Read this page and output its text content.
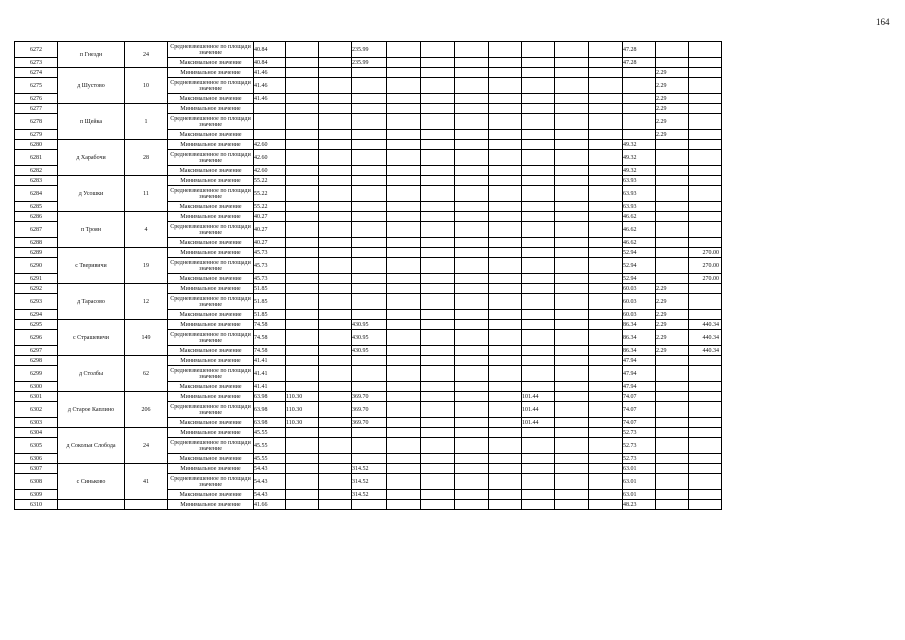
164
6272	п Гнездн	24	Средневзвешенное по площади значение	40.84			235.99								47.28		
6273			Максимальное значение	40.84			235.99								47.28		
6274	д Шустово	10	Минимальное значение	41.46												2.29	
6275			Средневзвешенное по площади значение	41.46												2.29	
6276			Максимальное значение	41.46												2.29	
6277	п Щейка	1	Минимальное значение													2.29	
6278			Средневзвешенное по площади значение													2.29	
6279			Максимальное значение													2.29	
6280	д Харабочи	28	Минимальное значение	42.60											49.32		
6281			Средневзвешенное по площади значение	42.60											49.32		
6282			Максимальное значение	42.60											49.32		
6283	д Усошки	11	Минимальное значение	55.22											63.93		
6284			Средневзвешенное по площади значение	55.22											63.93		
6285			Максимальное значение	55.22											63.93		
6286	п Троян	4	Минимальное значение	40.27											46.62		
6287			Средневзвешенное по площади значение	40.27											46.62		
6288			Максимальное значение	40.27											46.62		
6289	с Тверивичи	19	Минимальное значение	45.73											52.94		270.00
6290			Средневзвешенное по площади значение	45.73											52.94		270.00
6291			Максимальное значение	45.73											52.94		270.00
6292	д Тарасово	12	Минимальное значение	51.85											60.03	2.29	
6293			Средневзвешенное по площади значение	51.85											60.03	2.29	
6294			Максимальное значение	51.85											60.03	2.29	
6295	с Страшевичи	149	Минимальное значение	74.58			430.95								86.34	2.29	440.34
6296			Средневзвешенное по площади значение	74.58			430.95								86.34	2.29	440.34
6297			Максимальное значение	74.58			430.95								86.34	2.29	440.34
6298	д Столбы	62	Минимальное значение	41.41											47.94		
6299			Средневзвешенное по площади значение	41.41											47.94		
6300			Максимальное значение	41.41											47.94		
6301	д Старое Каплино	206	Минимальное значение	63.98	110.30		369.70					101.44			74.07		
6302			Средневзвешенное по площади значение	63.98	110.30		369.70					101.44			74.07		
6303			Максимальное значение	63.98	110.30		369.70					101.44			74.07		
6304	д Сокольи Слобода	24	Минимальное значение	45.55											52.73		
6305			Средневзвешенное по площади значение	45.55											52.73		
6306			Максимальное значение	45.55											52.73		
6307	с Синьково	41	Минимальное значение	54.43			314.52								63.01		
6308			Средневзвешенное по площади значение	54.43			314.52								63.01		
6309			Максимальное значение	54.43			314.52								63.01		
6310			Минимальное значение	41.66											48.23		
